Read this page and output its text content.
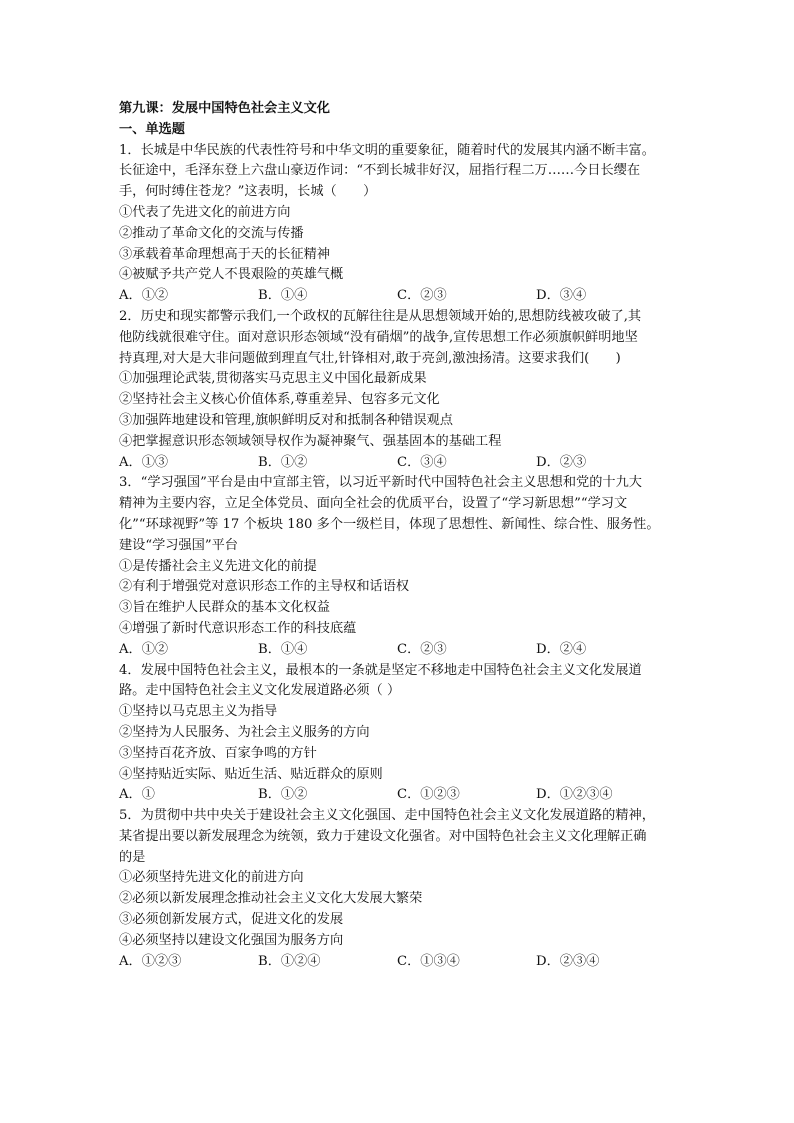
第九课：发展中国特色社会主义文化
一、单选题
1．长城是中华民族的代表性符号和中华文明的重要象征，随着时代的发展其内涵不断丰富。
长征途中，毛泽东登上六盘山豪迈作词：“不到长城非好汉，屈指行程二万……今日长缨在
手，何时缚住苍龙？”这表明，长城（　　）
①代表了先进文化的前进方向
②推动了革命文化的交流与传播
③承载着革命理想高于天的长征精神
④被赋予共产党人不畏艰险的英雄气概
A．①②	B．①④	C．②③	D．③④
2．历史和现实都警示我们,一个政权的瓦解往往是从思想领域开始的,思想防线被攻破了,其
他防线就很难守住。面对意识形态领域“没有硝烟”的战争,宣传思想工作必须旗帜鲜明地坚
持真理,对大是大非问题做到理直气壮,针锋相对,敢于亮剑,激浊扬清。这要求我们(　　)
①加强理论武装,贯彻落实马克思主义中国化最新成果
②坚持社会主义核心价值体系,尊重差异、包容多元文化
③加强阵地建设和管理,旗帜鲜明反对和抵制各种错误观点
④把掌握意识形态领域领导权作为凝神聚气、强基固本的基础工程
A．①③	B．①②	C．③④	D．②③
3．“学习强国”平台是由中宣部主管，以习近平新时代中国特色社会主义思想和党的十九大
精神为主要内容，立足全体党员、面向全社会的优质平台，设置了“学习新思想”“学习文
化”“环球视野”等 17 个板块 180 多个一级栏目，体现了思想性、新闻性、综合性、服务性。
建设“学习强国”平台
①是传播社会主义先进文化的前提
②有利于增强党对意识形态工作的主导权和话语权
③旨在维护人民群众的基本文化权益
④增强了新时代意识形态工作的科技底蕴
A．①②	B．①④	C．②③	D．②④
4．发展中国特色社会主义，最根本的一条就是坚定不移地走中国特色社会主义文化发展道
路。走中国特色社会主义文化发展道路必须（ ）
①坚持以马克思主义为指导
②坚持为人民服务、为社会主义服务的方向
③坚持百花齐放、百家争鸣的方针
④坚持贴近实际、贴近生活、贴近群众的原则
A．①	B．①②	C．①②③	D．①②③④
5．为贯彻中共中央关于建设社会主义文化强国、走中国特色社会主义文化发展道路的精神，
某省提出要以新发展理念为统领，致力于建设文化强省。对中国特色社会主义文化理解正确
的是
①必须坚持先进文化的前进方向
②必须以新发展理念推动社会主义文化大发展大繁荣
③必须创新发展方式，促进文化的发展
④必须坚持以建设文化强国为服务方向
A．①②③	B．①②④	C．①③④	D．②③④
